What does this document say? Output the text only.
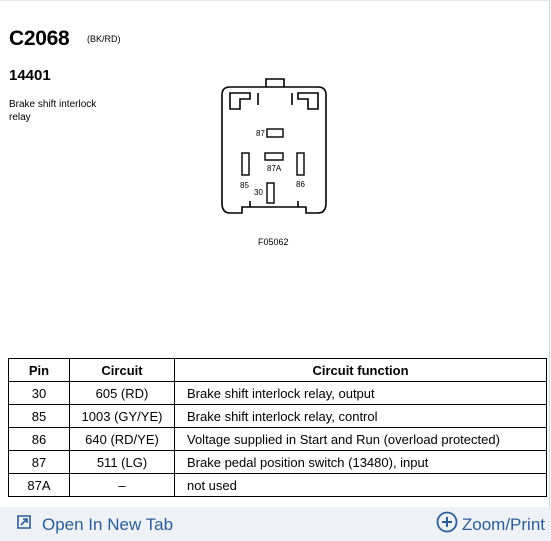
C2068 (BK/RD)
14401
Brake shift interlock relay
87
87A
85
30
86
F05062
Pin	Circuit	Circuit function
30	605 (RD)	Brake shift interlock relay, output
85	1003 (GY/YE)	Brake shift interlock relay, control
86	640 (RD/YE)	Voltage supplied in Start and Run (overload protected)
87	511 (LG)	Brake pedal position switch (13480), input
87A	–	not used
Open In New Tab	Zoom/Print
